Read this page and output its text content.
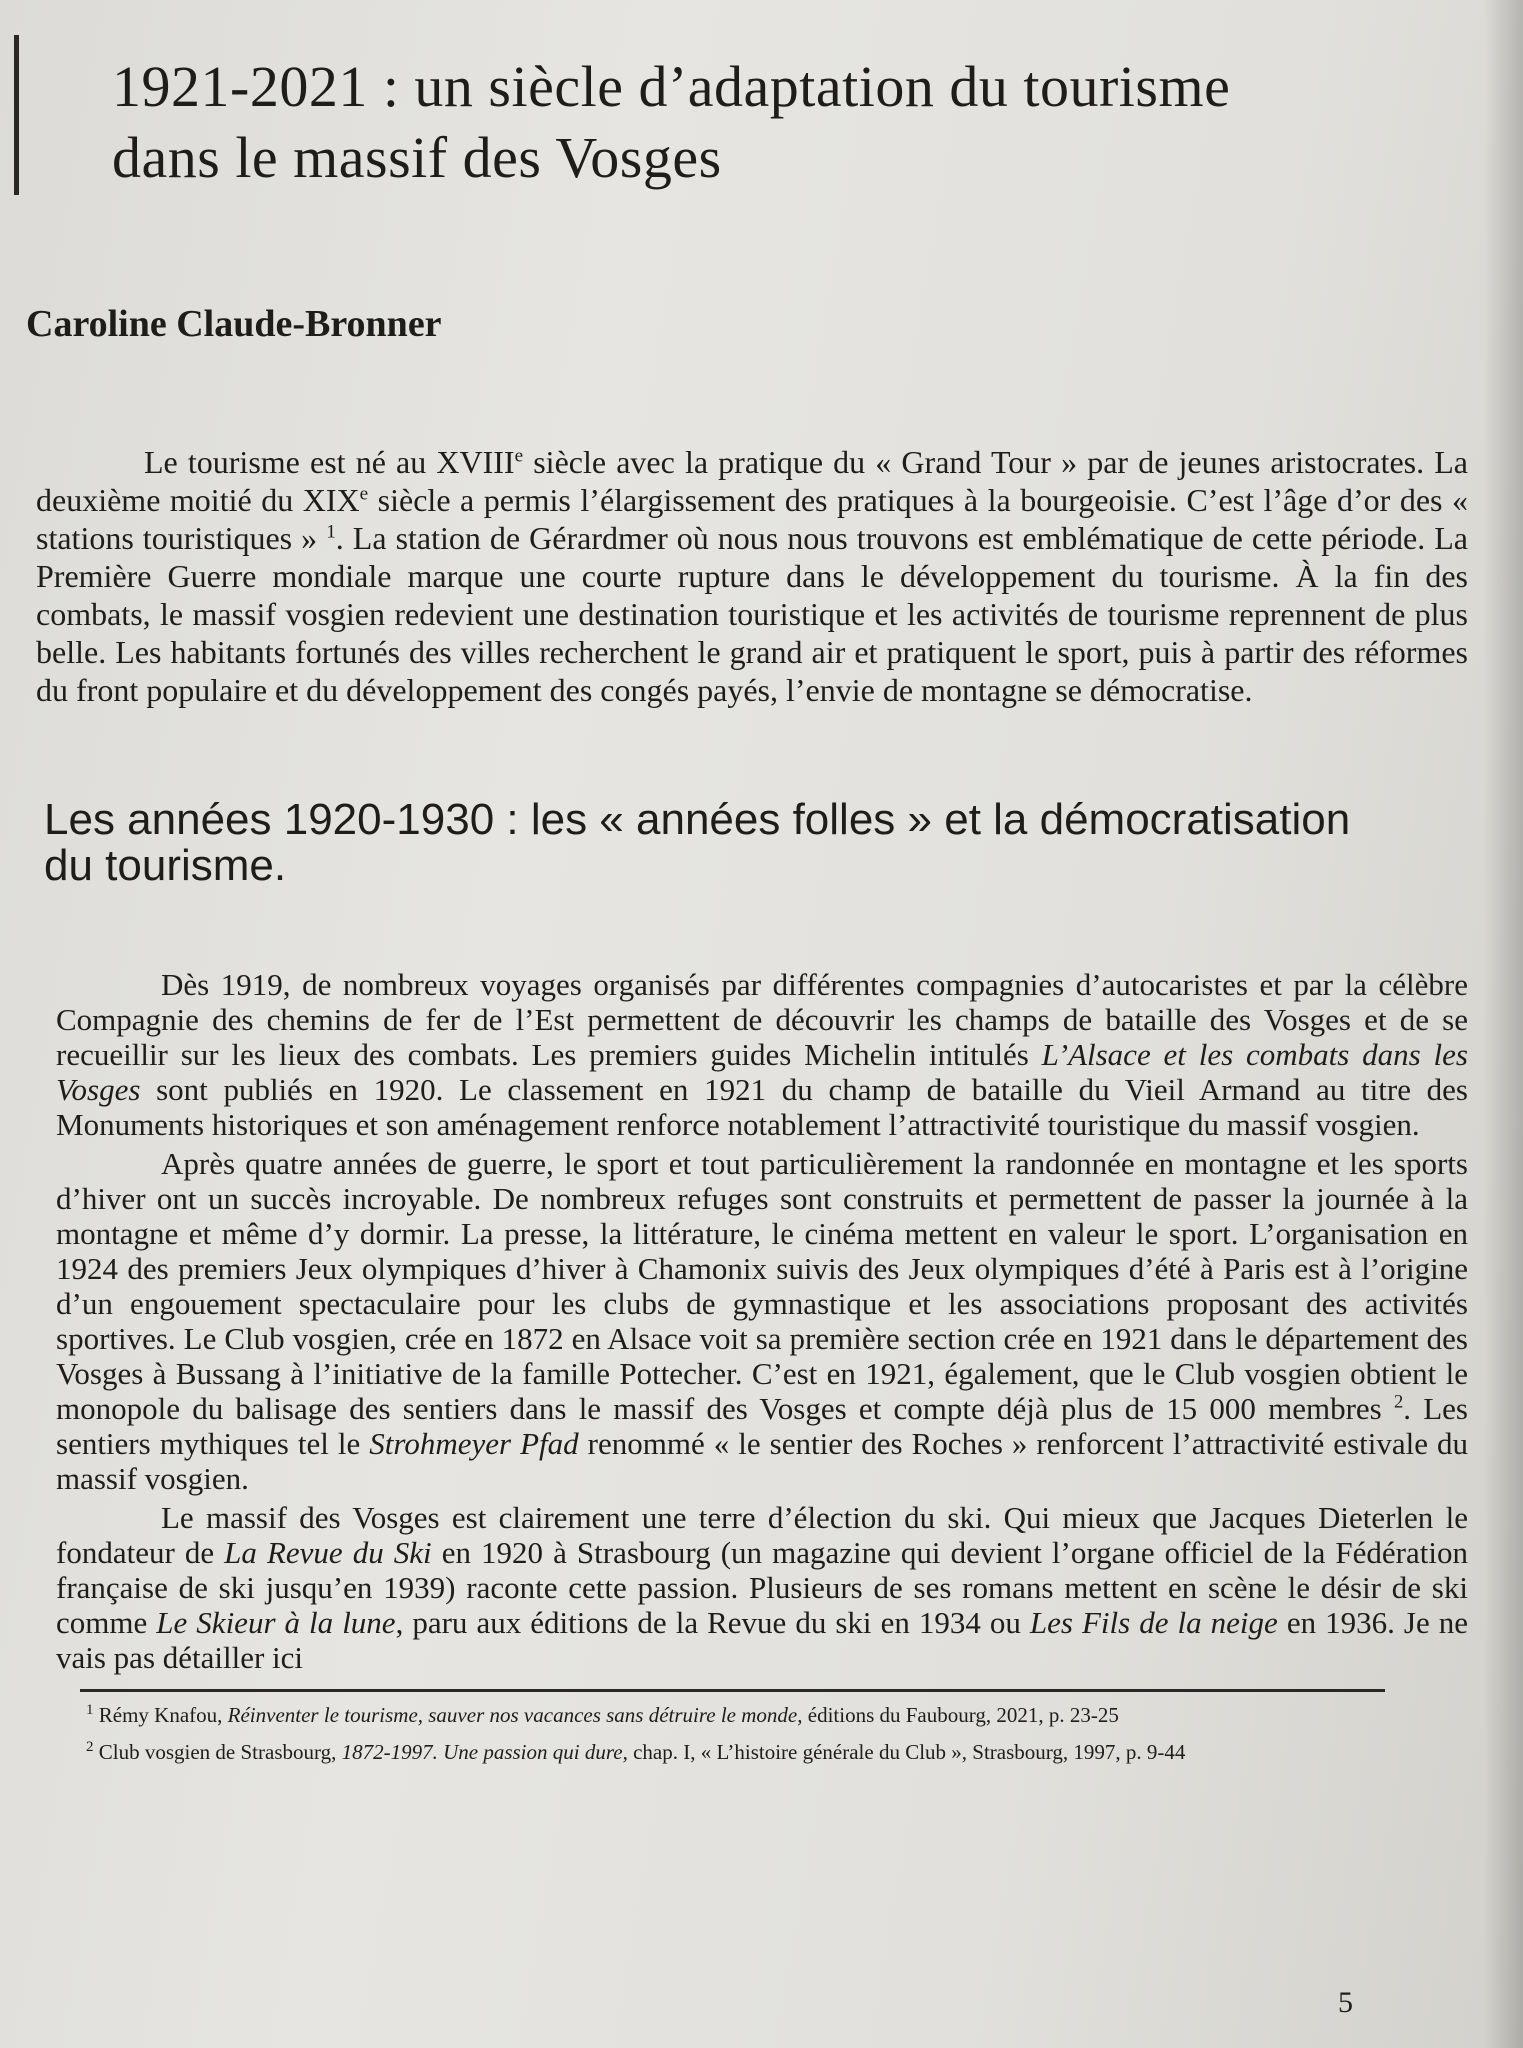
1921-2021 : un siècle d’adaptation du tourisme
dans le massif des Vosges
Caroline Claude-Bronner

Le tourisme est né au XVIIIe siècle avec la pratique du « Grand Tour » par de jeunes aristocrates. La deuxième moitié du XIXe siècle a permis l’élargissement des pratiques à la bourgeoisie. C’est l’âge d’or des « stations touristiques » $^1$. La station de Gérardmer où nous nous trouvons est emblématique de cette période. La Première Guerre mondiale marque une courte rupture dans le développement du tourisme. À la fin des combats, le massif vosgien redevient une destination touristique et les activités de tourisme reprennent de plus belle. Les habitants fortunés des villes recherchent le grand air et pratiquent le sport, puis à partir des réformes du front populaire et du développement des congés payés, l’envie de montagne se démocratise.

Les années 1920-1930 : les « années folles » et la démocratisation
du tourisme.

Dès 1919, de nombreux voyages organisés par différentes compagnies d’autocaristes et par la célèbre Compagnie des chemins de fer de l’Est permettent de découvrir les champs de bataille des Vosges et de se recueillir sur les lieux des combats. Les premiers guides Michelin intitulés L’Alsace et les combats dans les Vosges sont publiés en 1920. Le classement en 1921 du champ de bataille du Vieil Armand au titre des Monuments historiques et son aménagement renforce notablement l’attractivité touristique du massif vosgien.

Après quatre années de guerre, le sport et tout particulièrement la randonnée en montagne et les sports d’hiver ont un succès incroyable. De nombreux refuges sont construits et permettent de passer la journée à la montagne et même d’y dormir. La presse, la littérature, le cinéma mettent en valeur le sport. L’organisation en 1924 des premiers Jeux olympiques d’hiver à Chamonix suivis des Jeux olympiques d’été à Paris est à l’origine d’un engouement spectaculaire pour les clubs de gymnastique et les associations proposant des activités sportives. Le Club vosgien, crée en 1872 en Alsace voit sa première section crée en 1921 dans le département des Vosges à Bussang à l’initiative de la famille Pottecher. C’est en 1921, également, que le Club vosgien obtient le monopole du balisage des sentiers dans le massif des Vosges et compte déjà plus de 15 000 membres $^2$. Les sentiers mythiques tel le Strohmeyer Pfad renommé « le sentier des Roches » renforcent l’attractivité estivale du massif vosgien.

Le massif des Vosges est clairement une terre d’élection du ski. Qui mieux que Jacques Dieterlen le fondateur de La Revue du Ski en 1920 à Strasbourg (un magazine qui devient l’organe officiel de la Fédération française de ski jusqu’en 1939) raconte cette passion. Plusieurs de ses romans mettent en scène le désir de ski comme Le Skieur à la lune, paru aux éditions de la Revue du ski en 1934 ou Les Fils de la neige en 1936. Je ne vais pas détailler ici

$^1$ Rémy Knafou, Réinventer le tourisme, sauver nos vacances sans détruire le monde, éditions du Faubourg, 2021, p. 23-25

$^2$ Club vosgien de Strasbourg, 1872-1997. Une passion qui dure, chap. I, « L’histoire générale du Club », Strasbourg, 1997, p. 9-44

5
